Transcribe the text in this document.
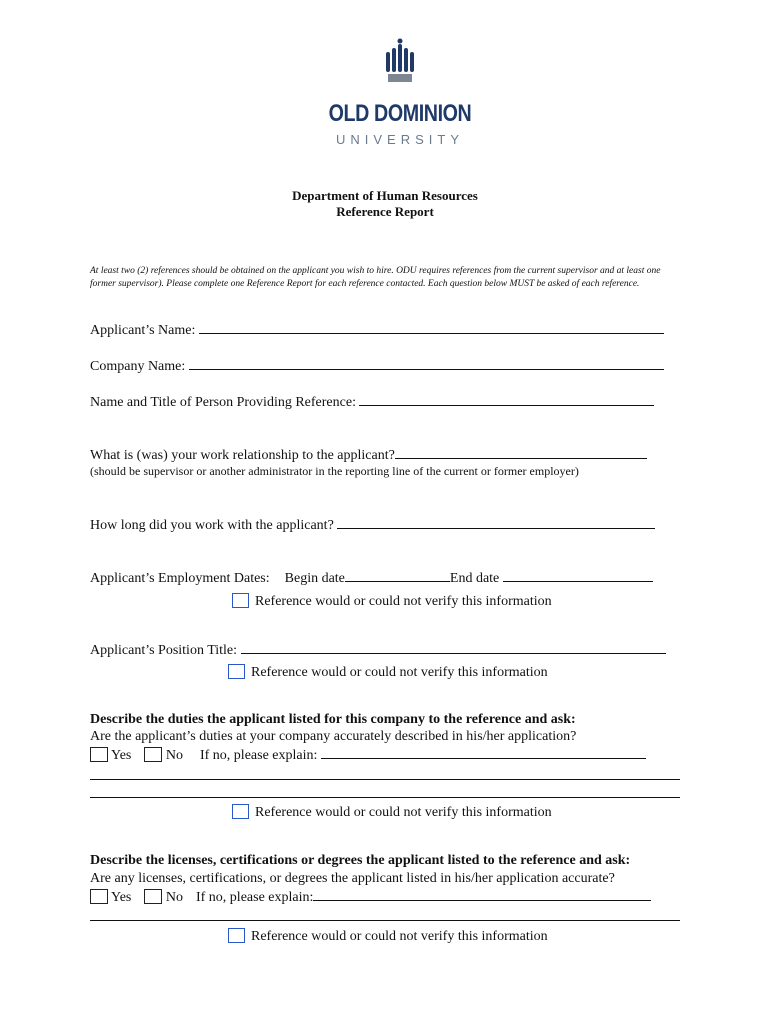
OLD DOMINION
UNIVERSITY
Department of Human Resources
Reference Report
At least two (2) references should be obtained on the applicant you wish to hire. ODU requires references from the current supervisor and at least one former supervisor). Please complete one Reference Report for each reference contacted. Each question below MUST be asked of each reference.
Applicant’s Name:
Company Name:
Name and Title of Person Providing Reference:
What is (was) your work relationship to the applicant?
(should be supervisor or another administrator in the reporting line of the current or former employer)
How long did you work with the applicant?
Applicant’s Employment Dates: Begin date	End date
Reference would or could not verify this information
Applicant’s Position Title:
Reference would or could not verify this information
Describe the duties the applicant listed for this company to the reference and ask:
Are the applicant’s duties at your company accurately described in his/her application?
Yes No If no, please explain:
Reference would or could not verify this information
Describe the licenses, certifications or degrees the applicant listed to the reference and ask:
Are any licenses, certifications, or degrees the applicant listed in his/her application accurate?
Yes No If no, please explain:
Reference would or could not verify this information
